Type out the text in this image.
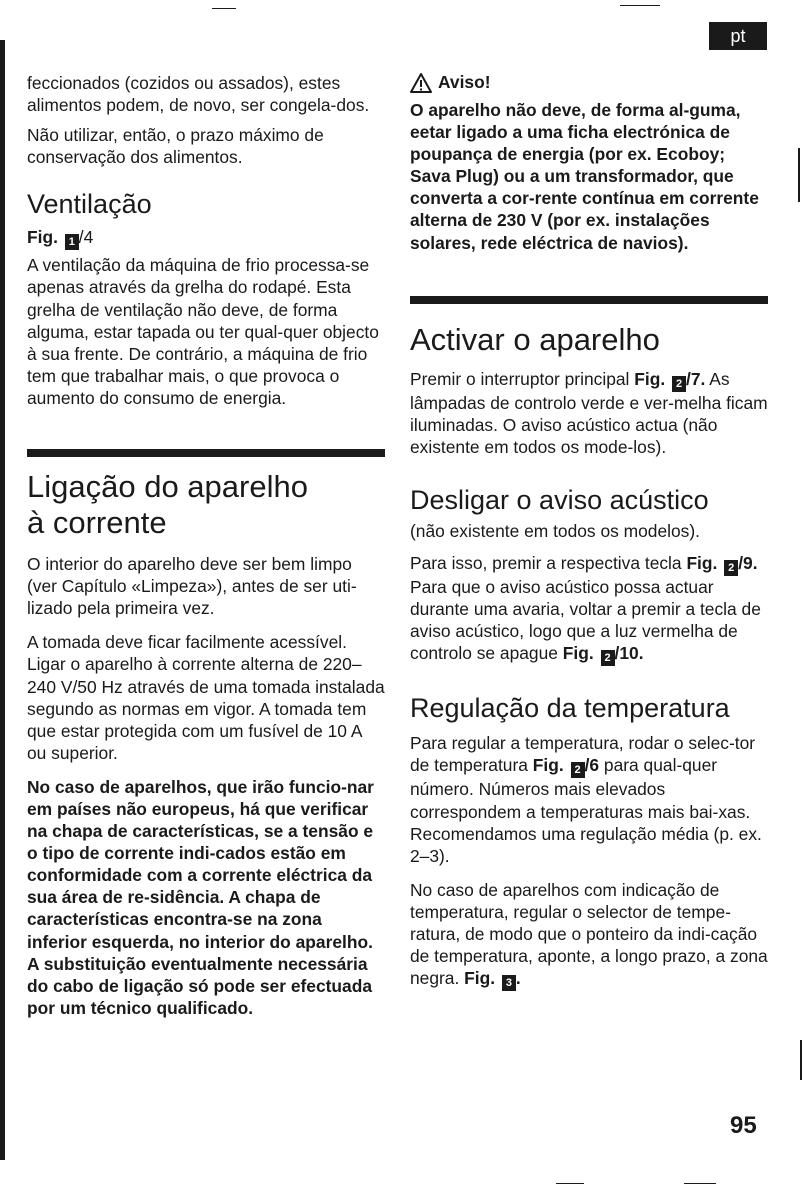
pt

feccionados (cozidos ou assados), estes alimentos podem, de novo, ser congela-dos.

Não utilizar, então, o prazo máximo de conservação dos alimentos.

Ventilação
Fig. 1 /4

A ventilação da máquina de frio processa-se apenas através da grelha do rodapé. Esta grelha de ventilação não deve, de forma alguma, estar tapada ou ter qual-quer objecto à sua frente. De contrário, a máquina de frio tem que trabalhar mais, o que provoca o aumento do consumo de energia.

Ligação do aparelho
à corrente

O interior do aparelho deve ser bem limpo (ver Capítulo «Limpeza»), antes de ser uti-lizado pela primeira vez.

A tomada deve ficar facilmente acessível. Ligar o aparelho à corrente alterna de 220–240 V/50 Hz através de uma tomada instalada segundo as normas em vigor. A tomada tem que estar protegida com um fusível de 10 A ou superior.

No caso de aparelhos, que irão funcio-nar em países não europeus, há que verificar na chapa de características, se a tensão e o tipo de corrente indi-cados estão em conformidade com a corrente eléctrica da sua área de re-sidência. A chapa de características encontra-se na zona inferior esquerda, no interior do aparelho. A substituição eventualmente necessária do cabo de ligação só pode ser efectuada por um técnico qualificado.

Aviso!

O aparelho não deve, de forma al-guma, eetar ligado a uma ficha electrónica de poupança de energia (por ex. Ecoboy; Sava Plug) ou a um transformador, que converta a cor-rente contínua em corrente alterna de 230 V (por ex. instalações solares, rede eléctrica de navios).

Activar o aparelho

Premir o interruptor principal Fig. 2 /7. As lâmpadas de controlo verde e ver-melha ficam iluminadas. O aviso acústico actua (não existente em todos os mode-los).

Desligar o aviso acústico

(não existente em todos os modelos).

Para isso, premir a respectiva tecla Fig. 2 /9. Para que o aviso acústico possa actuar durante uma avaria, voltar a premir a tecla de aviso acústico, logo que a luz vermelha de controlo se apague Fig. 2 /10.

Regulação da temperatura

Para regular a temperatura, rodar o selec-tor de temperatura Fig. 2 /6 para qual-quer número. Números mais elevados correspondem a temperaturas mais bai-xas. Recomendamos uma regulação média (p. ex. 2–3).

No caso de aparelhos com indicação de temperatura, regular o selector de tempe-ratura, de modo que o ponteiro da indi-cação de temperatura, aponte, a longo prazo, a zona negra. Fig. 3 .

95
